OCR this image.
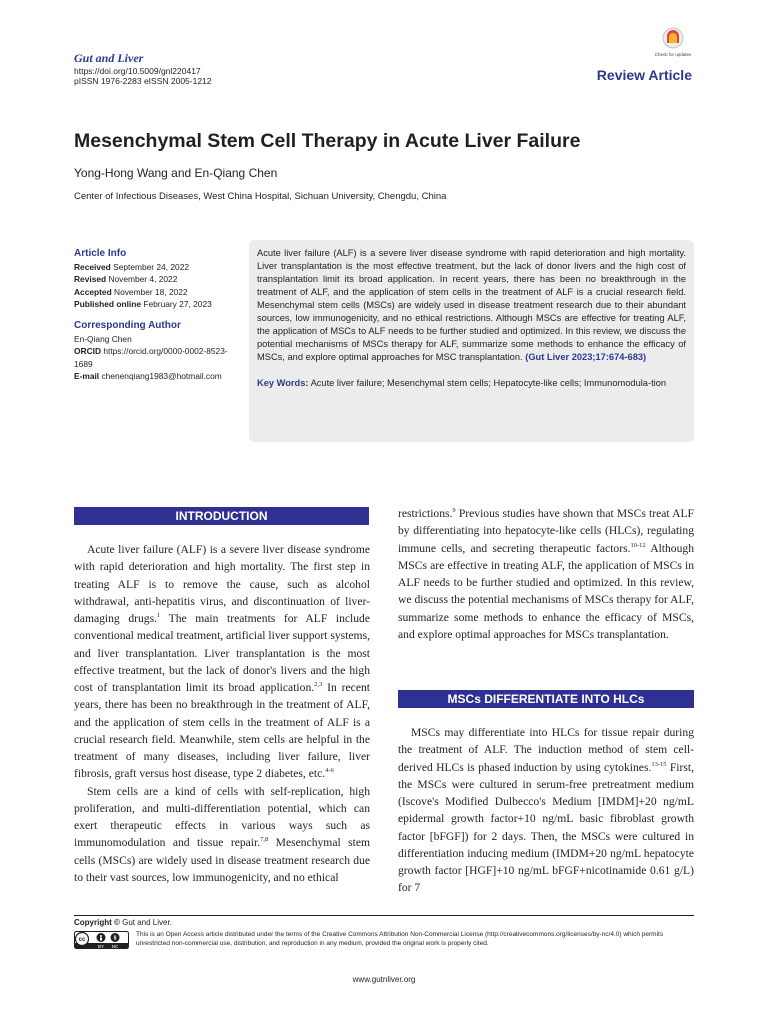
Gut and Liver
https://doi.org/10.5009/gnl220417
pISSN 1976-2283 eISSN 2005-1212
Check for updates
Review Article
Mesenchymal Stem Cell Therapy in Acute Liver Failure
Yong-Hong Wang and En-Qiang Chen
Center of Infectious Diseases, West China Hospital, Sichuan University, Chengdu, China
Article Info
Received September 24, 2022
Revised November 4, 2022
Accepted November 18, 2022
Published online February 27, 2023
Corresponding Author
En-Qiang Chen
ORCID https://orcid.org/0000-0002-8523-1689
E-mail chenenqiang1983@hotmail.com
Acute liver failure (ALF) is a severe liver disease syndrome with rapid deterioration and high mortality. Liver transplantation is the most effective treatment, but the lack of donor livers and the high cost of transplantation limit its broad application. In recent years, there has been no breakthrough in the treatment of ALF, and the application of stem cells in the treatment of ALF is a crucial research field. Mesenchymal stem cells (MSCs) are widely used in disease treatment research due to their abundant sources, low immunogenicity, and no ethical restrictions. Although MSCs are effective for treating ALF, the application of MSCs to ALF needs to be further studied and optimized. In this review, we discuss the potential mechanisms of MSCs therapy for ALF, summarize some methods to enhance the efficacy of MSCs, and explore optimal approaches for MSC transplantation. (Gut Liver 2023;17:674-683)
Key Words: Acute liver failure; Mesenchymal stem cells; Hepatocyte-like cells; Immunomodula-tion
INTRODUCTION
MSCs DIFFERENTIATE INTO HLCs

Acute liver failure (ALF) is a severe liver disease syndrome with rapid deterioration and high mortality. The first step in treating ALF is to remove the cause, such as alcohol withdrawal, anti-hepatitis virus, and discontinuation of liver-damaging drugs.$^1$ The main treatments for ALF include conventional medical treatment, artificial liver support systems, and liver transplantation. Liver transplantation is the most effective treatment, but the lack of donor's livers and the high cost of transplantation limit its broad application.$^{2,3}$ In recent years, there has been no breakthrough in the treatment of ALF, and the application of stem cells in the treatment of ALF is a crucial research field. Meanwhile, stem cells are helpful in the treatment of many diseases, including liver failure, liver fibrosis, graft versus host disease, type 2 diabetes, etc.$^{4-6}$

Stem cells are a kind of cells with self-replication, high proliferation, and multi-differentiation potential, which can exert therapeutic effects in various ways such as immunomodulation and tissue repair.$^{7,8}$ Mesenchymal stem cells (MSCs) are widely used in disease treatment research due to their vast sources, low immunogenicity, and no ethical

restrictions.$^9$ Previous studies have shown that MSCs treat ALF by differentiating into hepatocyte-like cells (HLCs), regulating immune cells, and secreting therapeutic factors.$^{10-12}$ Although MSCs are effective in treating ALF, the application of MSCs in ALF needs to be further studied and optimized. In this review, we discuss the potential mechanisms of MSCs therapy for ALF, summarize some methods to enhance the efficacy of MSCs, and explore optimal approaches for MSCs transplantation.

MSCs may differentiate into HLCs for tissue repair during the treatment of ALF. The induction method of stem cell-derived HLCs is phased induction by using cytokines.$^{13-15}$ First, the MSCs were cultured in serum-free pretreatment medium (Iscove's Modified Dulbecco's Medium [IMDM]+20 ng/mL epidermal growth factor+10 ng/mL basic fibroblast growth factor [bFGF]) for 2 days. Then, the MSCs were cultured in differentiation inducing medium (IMDM+20 ng/mL hepatocyte growth factor [HGF]+10 ng/mL bFGF+nicotinamide 0.61 g/L) for 7

Copyright © Gut and Liver.
cc	$
BY NC
This is an Open Access article distributed under the terms of the Creative Commons Attribution Non-Commercial License (http://creativecommons.org/licenses/by-nc/4.0) which permits unrestricted non-commercial use, distribution, and reproduction in any medium, provided the original work is properly cited.
www.gutnliver.org
